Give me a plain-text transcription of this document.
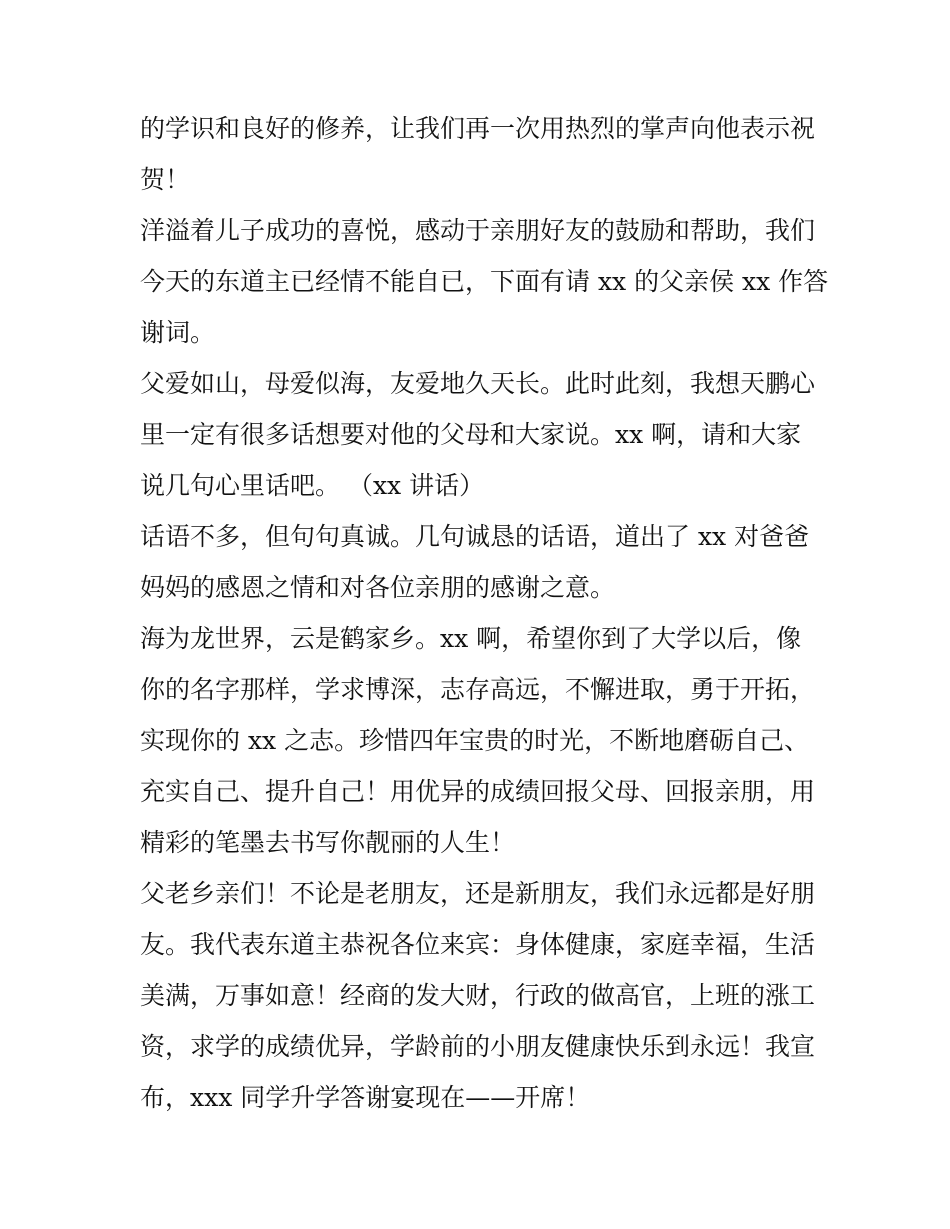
的学识和良好的修养，让我们再一次用热烈的掌声向他表示祝
贺！
洋溢着儿子成功的喜悦，感动于亲朋好友的鼓励和帮助，我们
今天的东道主已经情不能自已，下面有请 xx 的父亲侯 xx 作答
谢词。
父爱如山，母爱似海，友爱地久天长。此时此刻，我想天鹏心
里一定有很多话想要对他的父母和大家说。xx 啊，请和大家
说几句心里话吧。 （xx 讲话）
话语不多，但句句真诚。几句诚恳的话语，道出了 xx 对爸爸
妈妈的感恩之情和对各位亲朋的感谢之意。
海为龙世界，云是鹤家乡。xx 啊，希望你到了大学以后，像
你的名字那样，学求博深，志存高远，不懈进取，勇于开拓，
实现你的 xx 之志。珍惜四年宝贵的时光，不断地磨砺自己、
充实自己、提升自己！用优异的成绩回报父母、回报亲朋，用
精彩的笔墨去书写你靓丽的人生！
父老乡亲们！不论是老朋友，还是新朋友，我们永远都是好朋
友。我代表东道主恭祝各位来宾：身体健康，家庭幸福，生活
美满，万事如意！经商的发大财，行政的做高官，上班的涨工
资，求学的成绩优异，学龄前的小朋友健康快乐到永远！我宣
布，xxx 同学升学答谢宴现在——开席！
